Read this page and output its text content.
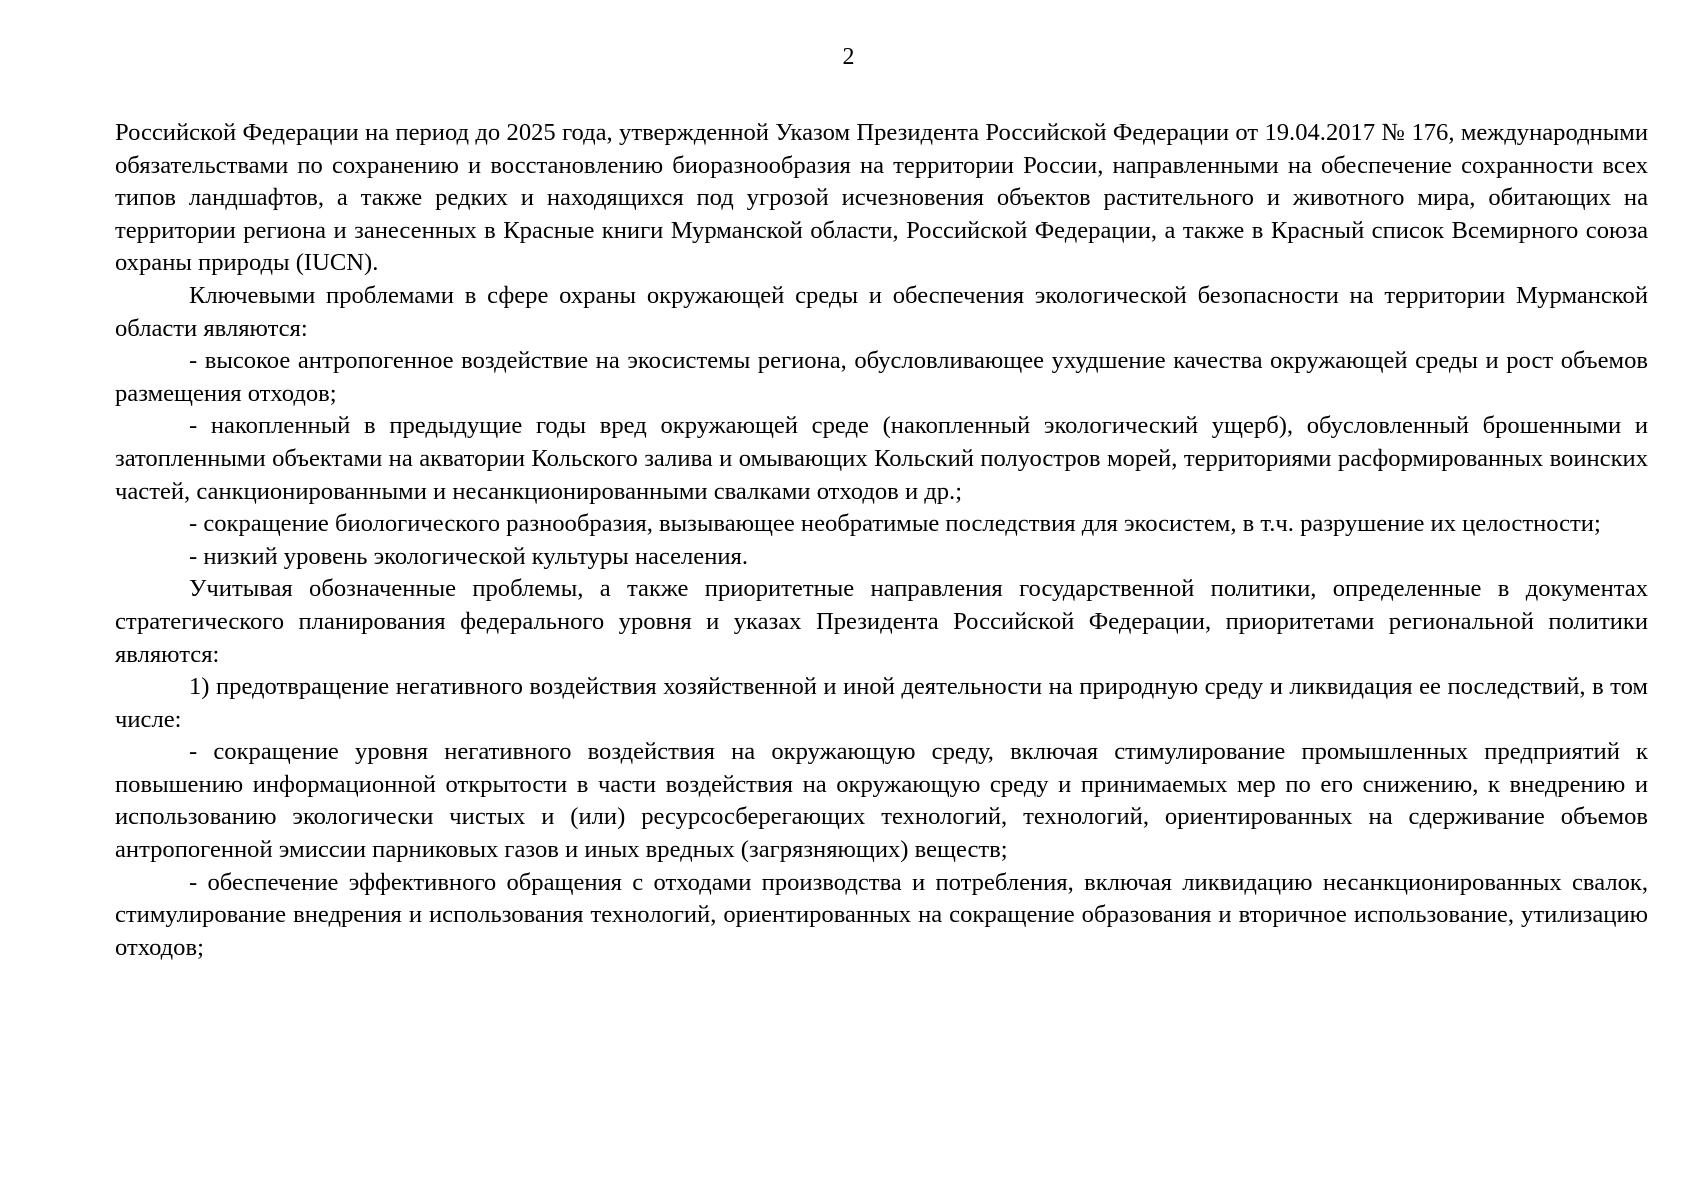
2

Российской Федерации на период до 2025 года, утвержденной Указом Президента Российской Федерации от 19.04.2017 № 176, международными обязательствами по сохранению и восстановлению биоразнообразия на территории России, направленными на обеспечение сохранности всех типов ландшафтов, а также редких и находящихся под угрозой исчезновения объектов растительного и животного мира, обитающих на территории региона и занесенных в Красные книги Мурманской области, Российской Федерации, а также в Красный список Всемирного союза охраны природы (IUCN).

Ключевыми проблемами в сфере охраны окружающей среды и обеспечения экологической безопасности на территории Мурманской области являются:

- высокое антропогенное воздействие на экосистемы региона, обусловливающее ухудшение качества окружающей среды и рост объемов размещения отходов;

- накопленный в предыдущие годы вред окружающей среде (накопленный экологический ущерб), обусловленный брошенными и затопленными объектами на акватории Кольского залива и омывающих Кольский полуостров морей, территориями расформированных воинских частей, санкционированными и несанкционированными свалками отходов и др.;

- сокращение биологического разнообразия, вызывающее необратимые последствия для экосистем, в т.ч. разрушение их целостности;

- низкий уровень экологической культуры населения.

Учитывая обозначенные проблемы, а также приоритетные направления государственной политики, определенные в документах стратегического планирования федерального уровня и указах Президента Российской Федерации, приоритетами региональной политики являются:

1) предотвращение негативного воздействия хозяйственной и иной деятельности на природную среду и ликвидация ее последствий, в том числе:

- сокращение уровня негативного воздействия на окружающую среду, включая стимулирование промышленных предприятий к повышению информационной открытости в части воздействия на окружающую среду и принимаемых мер по его снижению, к внедрению и использованию экологически чистых и (или) ресурсосберегающих технологий, технологий, ориентированных на сдерживание объемов антропогенной эмиссии парниковых газов и иных вредных (загрязняющих) веществ;

- обеспечение эффективного обращения с отходами производства и потребления, включая ликвидацию несанкционированных свалок, стимулирование внедрения и использования технологий, ориентированных на сокращение образования и вторичное использование, утилизацию отходов;
